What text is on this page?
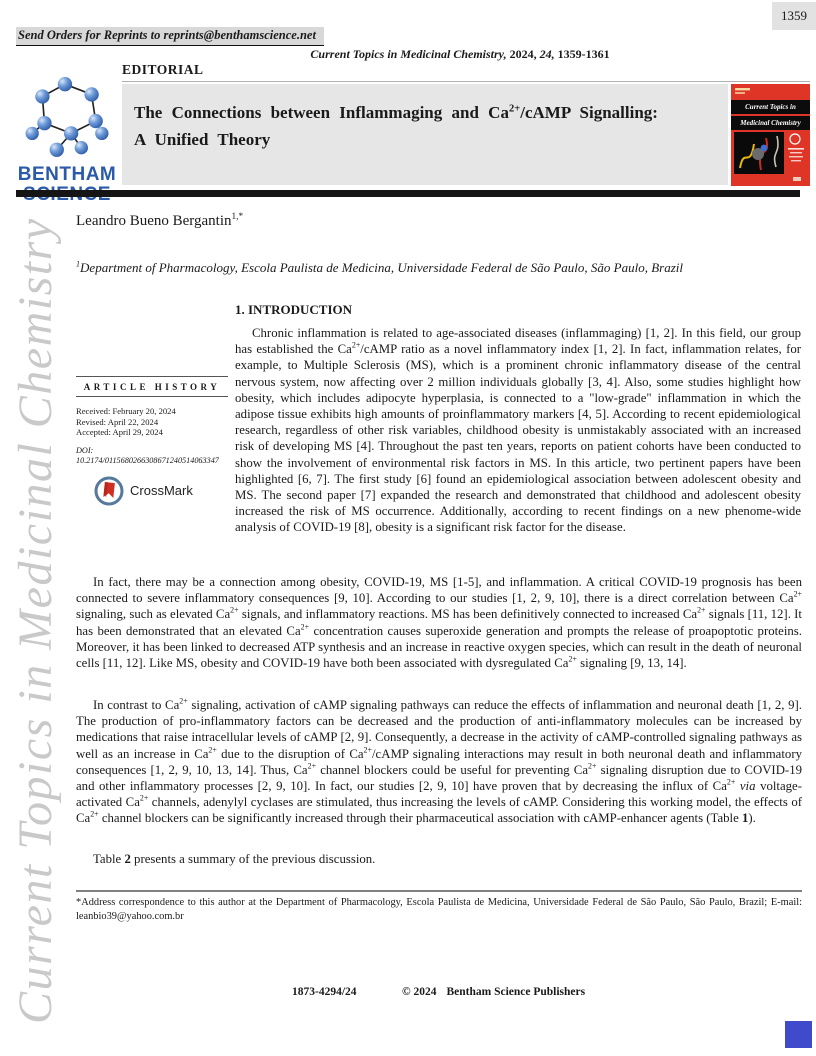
Current Topics in Medicinal Chemistry
1359
Send Orders for Reprints to reprints@benthamscience.net
Current Topics in Medicinal Chemistry, 2024, 24, 1359-1361
EDITORIAL
BENTHAM
The Connections between Inflammaging and $Ca^{2+}$/cAMP Signalling:
A Unified Theory
Current Topics in
Medicinal Chemistry
Leandro Bueno Bergantin$^{1,*}$
$^1$Department of Pharmacology, Escola Paulista de Medicina, Universidade Federal de São Paulo, São Paulo, Brazil
1. INTRODUCTION
Chronic inflammation is related to age-associated diseases (inflammaging) [1, 2]. In this field, our group has established the $Ca^{2+}$/cAMP ratio as a novel inflammatory index [1, 2]. In fact, inflammation relates, for example, to Multiple Sclerosis (MS), which is a prominent chronic inflammatory disease of the central nervous system, now affecting over 2 million individuals globally [3, 4]. Also, some studies highlight how obesity, which includes adipocyte hyperplasia, is connected to a "low-grade" inflammation in which the adipose tissue exhibits high amounts of proinflammatory markers [4, 5]. According to recent epidemiological research, regardless of other risk variables, childhood obesity is unmistakably associated with an increased risk of developing MS [4]. Throughout the past ten years, reports on patient cohorts have been conducted to show the involvement of environmental risk factors in MS. In this article, two pertinent papers have been highlighted [6, 7]. The first study [6] found an epidemiological association between adolescent obesity and MS. The second paper [7] expanded the research and demonstrated that childhood and adolescent obesity increased the risk of MS occurrence. Additionally, according to recent findings on a new phenome-wide analysis of COVID-19 [8], obesity is a significant risk factor for the disease.
ARTICLE HISTORY
Received: February 20, 2024
Revised: April 22, 2024
Accepted: April 29, 2024
DOI:
10.2174/0115680266308671240514063347
CrossMark
In fact, there may be a connection among obesity, COVID-19, MS [1-5], and inflammation. A critical COVID-19 prognosis has been connected to severe inflammatory consequences [9, 10]. According to our studies [1, 2, 9, 10], there is a direct correlation between $Ca^{2+}$ signaling, such as elevated $Ca^{2+}$ signals, and inflammatory reactions. MS has been definitively connected to increased $Ca^{2+}$ signals [11, 12]. It has been demonstrated that an elevated $Ca^{2+}$ concentration causes superoxide generation and prompts the release of proapoptotic proteins. Moreover, it has been linked to decreased ATP synthesis and an increase in reactive oxygen species, which can result in the death of neuronal cells [11, 12]. Like MS, obesity and COVID-19 have both been associated with dysregulated $Ca^{2+}$ signaling [9, 13, 14].
In contrast to $Ca^{2+}$ signaling, activation of cAMP signaling pathways can reduce the effects of inflammation and neuronal death [1, 2, 9]. The production of pro-inflammatory factors can be decreased and the production of anti-inflammatory molecules can be increased by medications that raise intracellular levels of cAMP [2, 9]. Consequently, a decrease in the activity of cAMP-controlled signaling pathways as well as an increase in $Ca^{2+}$ due to the disruption of $Ca^{2+}$/cAMP signaling interactions may result in both neuronal death and inflammatory consequences [1, 2, 9, 10, 13, 14]. Thus, $Ca^{2+}$ channel blockers could be useful for preventing $Ca^{2+}$ signaling disruption due to COVID-19 and other inflammatory processes [2, 9, 10]. In fact, our studies [2, 9, 10] have proven that by decreasing the influx of $Ca^{2+}$ via voltage-activated $Ca^{2+}$ channels, adenylyl cyclases are stimulated, thus increasing the levels of cAMP. Considering this working model, the effects of $Ca^{2+}$ channel blockers can be significantly increased through their pharmaceutical association with cAMP-enhancer agents (Table 1).
Table 2 presents a summary of the previous discussion.
*Address correspondence to this author at the Department of Pharmacology, Escola Paulista de Medicina, Universidade Federal de São Paulo, São Paulo, Brazil; E-mail: leanbio39@yahoo.com.br
1873-4294/24	© 2024 Bentham Science Publishers
